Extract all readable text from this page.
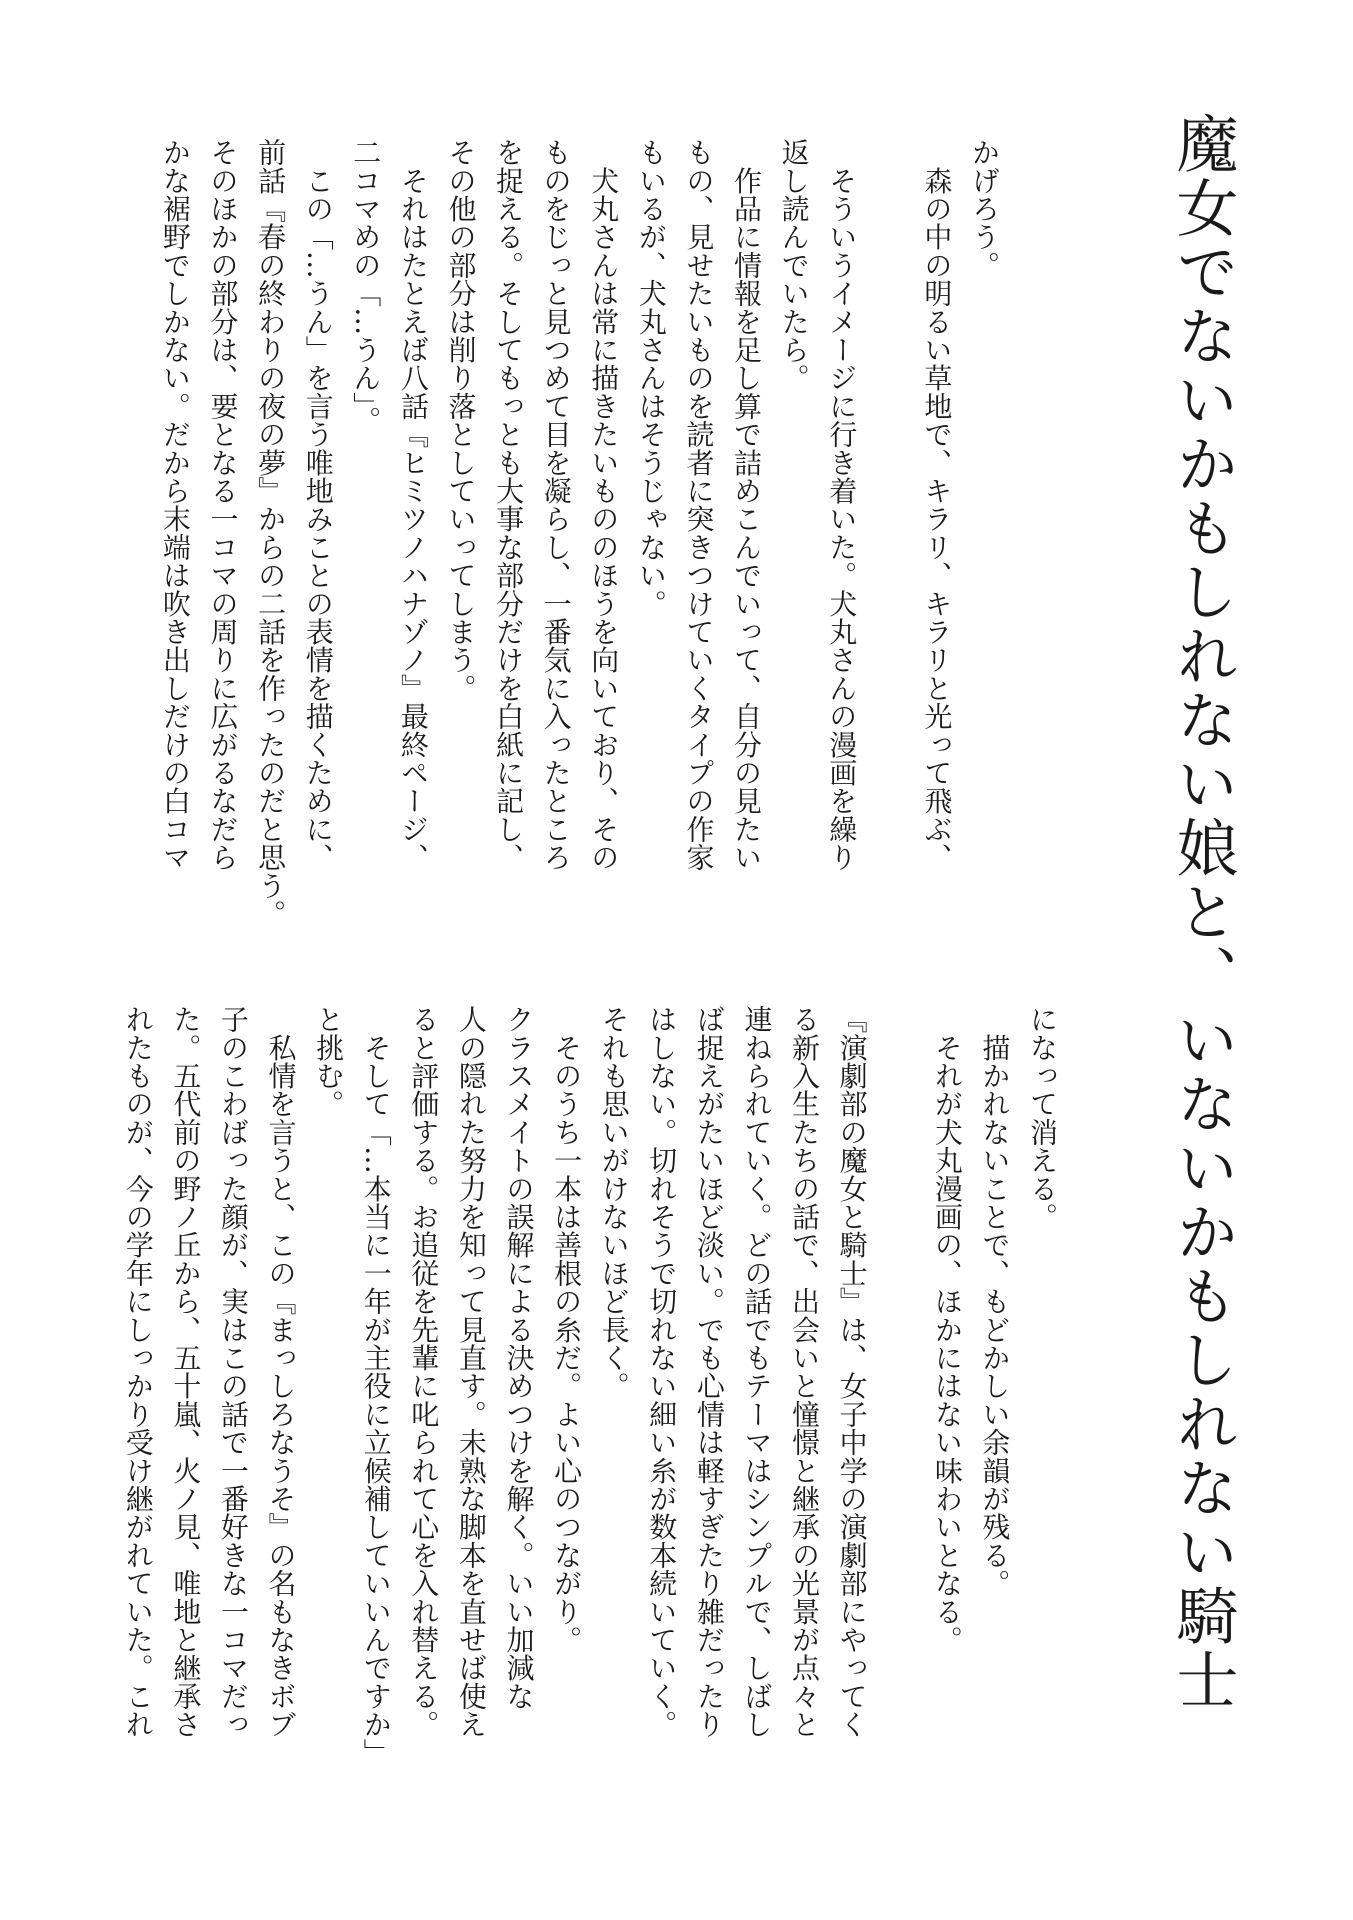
魔女でないかもしれない娘と、いないかもしれない騎士
かげろう。
　森の中の明るい草地で、キラリ、キラリと光って飛ぶ、

　そういうイメージに行き着いた。犬丸さんの漫画を繰り
返し読んでいたら。
　作品に情報を足し算で詰めこんでいって、自分の見たい
もの、見せたいものを読者に突きつけていくタイプの作家
もいるが、犬丸さんはそうじゃない。
　犬丸さんは常に描きたいもののほうを向いており、その
ものをじっと見つめて目を凝らし、一番気に入ったところ
を捉える。そしてもっとも大事な部分だけを白紙に記し、
その他の部分は削り落としていってしまう。
　それはたとえば八話『ヒミツノハナゾノ』最終ページ、
二コマめの「…うん」。
　この「…うん」を言う唯地みことの表情を描くために、
前話『春の終わりの夜の夢』からの二話を作ったのだと思う。
そのほかの部分は、要となる一コマの周りに広がるなだら
かな裾野でしかない。だから末端は吹き出しだけの白コマ
になって消える。
　描かれないことで、もどかしい余韻が残る。
　それが犬丸漫画の、ほかにはない味わいとなる。

『演劇部の魔女と騎士』は、女子中学の演劇部にやってく
る新入生たちの話で、出会いと憧憬と継承の光景が点々と
連ねられていく。どの話でもテーマはシンプルで、しばし
ば捉えがたいほど淡い。でも心情は軽すぎたり雑だったり
はしない。切れそうで切れない細い糸が数本続いていく。
それも思いがけないほど長く。
　そのうち一本は善根の糸だ。よい心のつながり。
クラスメイトの誤解による決めつけを解く。いい加減な
人の隠れた努力を知って見直す。未熟な脚本を直せば使え
ると評価する。お追従を先輩に叱られて心を入れ替える。
　そして「…本当に一年が主役に立候補していいんですか」
と挑む。
　私情を言うと、この『まっしろなうそ』の名もなきボブ
子のこわばった顔が、実はこの話で一番好きな一コマだっ
た。五代前の野ノ丘から、五十嵐、火ノ見、唯地と継承さ
れたものが、今の学年にしっかり受け継がれていた。これ
